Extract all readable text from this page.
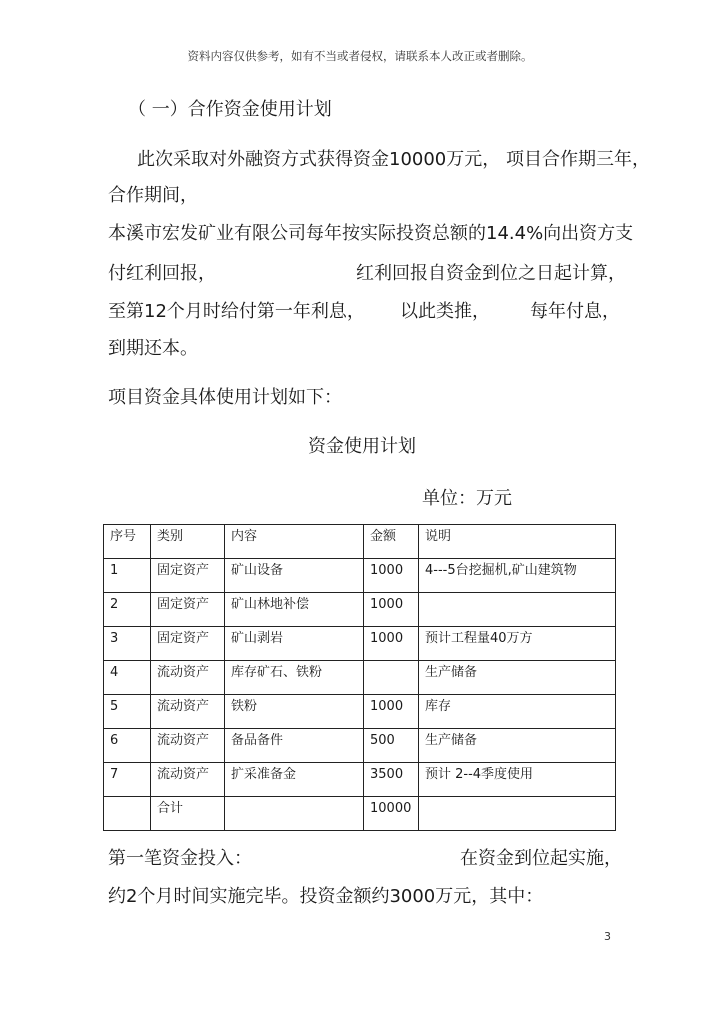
资料内容仅供参考，如有不当或者侵权，请联系本人改正或者删除。
（ 一）合作资金使用计划
此次采取对外融资方式获得资金10000万元， 项目合作期三年，
合作期间，
本溪市宏发矿业有限公司每年按实际投资总额的14.4%向出资方支
付红利回报，	红利回报自资金到位之日起计算，
至第12个月时给付第一年利息， 以此类推， 每年付息，
到期还本。
项目资金具体使用计划如下：
资金使用计划
单位：万元
序号	类别	内容	金额	说明
1	固定资产	矿山设备	1000	4---5台挖掘机,矿山建筑物
2	固定资产	矿山林地补偿	1000	
3	固定资产	矿山剥岩	1000	预计工程量40万方
4	流动资产	库存矿石、铁粉		生产储备
5	流动资产	铁粉	1000	库存
6	流动资产	备品备件	500	生产储备
7	流动资产	扩采准备金	3500	预计 2--4季度使用
	合计		10000	
第一笔资金投入：	在资金到位起实施，
约2个月时间实施完毕。投资金额约3000万元，其中：
3
